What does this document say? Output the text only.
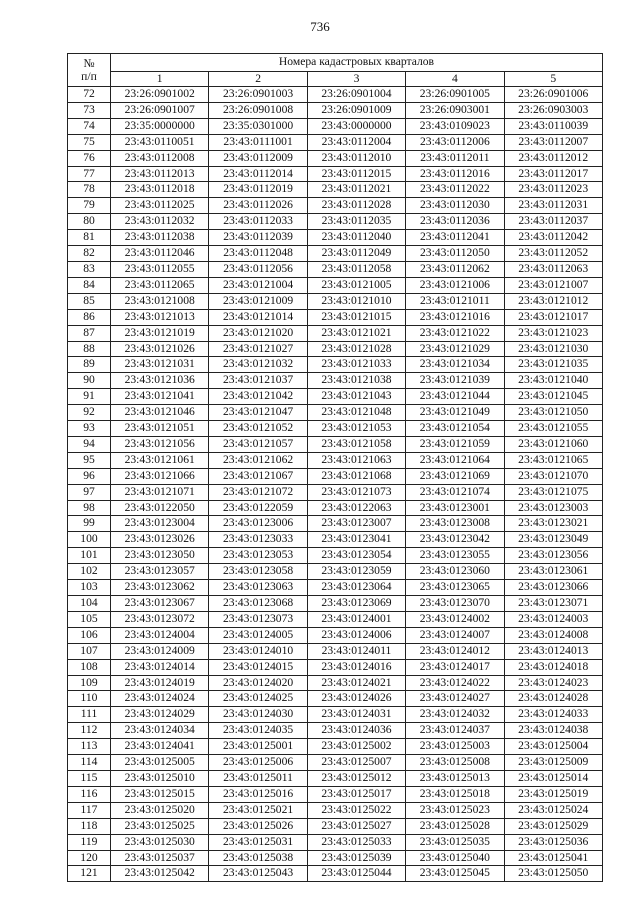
736
№
п/п	Номера кадастровых кварталов				
	1	2	3	4	5
72	23:26:0901002	23:26:0901003	23:26:0901004	23:26:0901005	23:26:0901006
73	23:26:0901007	23:26:0901008	23:26:0901009	23:26:0903001	23:26:0903003
74	23:35:0000000	23:35:0301000	23:43:0000000	23:43:0109023	23:43:0110039
75	23:43:0110051	23:43:0111001	23:43:0112004	23:43:0112006	23:43:0112007
76	23:43:0112008	23:43:0112009	23:43:0112010	23:43:0112011	23:43:0112012
77	23:43:0112013	23:43:0112014	23:43:0112015	23:43:0112016	23:43:0112017
78	23:43:0112018	23:43:0112019	23:43:0112021	23:43:0112022	23:43:0112023
79	23:43:0112025	23:43:0112026	23:43:0112028	23:43:0112030	23:43:0112031
80	23:43:0112032	23:43:0112033	23:43:0112035	23:43:0112036	23:43:0112037
81	23:43:0112038	23:43:0112039	23:43:0112040	23:43:0112041	23:43:0112042
82	23:43:0112046	23:43:0112048	23:43:0112049	23:43:0112050	23:43:0112052
83	23:43:0112055	23:43:0112056	23:43:0112058	23:43:0112062	23:43:0112063
84	23:43:0112065	23:43:0121004	23:43:0121005	23:43:0121006	23:43:0121007
85	23:43:0121008	23:43:0121009	23:43:0121010	23:43:0121011	23:43:0121012
86	23:43:0121013	23:43:0121014	23:43:0121015	23:43:0121016	23:43:0121017
87	23:43:0121019	23:43:0121020	23:43:0121021	23:43:0121022	23:43:0121023
88	23:43:0121026	23:43:0121027	23:43:0121028	23:43:0121029	23:43:0121030
89	23:43:0121031	23:43:0121032	23:43:0121033	23:43:0121034	23:43:0121035
90	23:43:0121036	23:43:0121037	23:43:0121038	23:43:0121039	23:43:0121040
91	23:43:0121041	23:43:0121042	23:43:0121043	23:43:0121044	23:43:0121045
92	23:43:0121046	23:43:0121047	23:43:0121048	23:43:0121049	23:43:0121050
93	23:43:0121051	23:43:0121052	23:43:0121053	23:43:0121054	23:43:0121055
94	23:43:0121056	23:43:0121057	23:43:0121058	23:43:0121059	23:43:0121060
95	23:43:0121061	23:43:0121062	23:43:0121063	23:43:0121064	23:43:0121065
96	23:43:0121066	23:43:0121067	23:43:0121068	23:43:0121069	23:43:0121070
97	23:43:0121071	23:43:0121072	23:43:0121073	23:43:0121074	23:43:0121075
98	23:43:0122050	23:43:0122059	23:43:0122063	23:43:0123001	23:43:0123003
99	23:43:0123004	23:43:0123006	23:43:0123007	23:43:0123008	23:43:0123021
100	23:43:0123026	23:43:0123033	23:43:0123041	23:43:0123042	23:43:0123049
101	23:43:0123050	23:43:0123053	23:43:0123054	23:43:0123055	23:43:0123056
102	23:43:0123057	23:43:0123058	23:43:0123059	23:43:0123060	23:43:0123061
103	23:43:0123062	23:43:0123063	23:43:0123064	23:43:0123065	23:43:0123066
104	23:43:0123067	23:43:0123068	23:43:0123069	23:43:0123070	23:43:0123071
105	23:43:0123072	23:43:0123073	23:43:0124001	23:43:0124002	23:43:0124003
106	23:43:0124004	23:43:0124005	23:43:0124006	23:43:0124007	23:43:0124008
107	23:43:0124009	23:43:0124010	23:43:0124011	23:43:0124012	23:43:0124013
108	23:43:0124014	23:43:0124015	23:43:0124016	23:43:0124017	23:43:0124018
109	23:43:0124019	23:43:0124020	23:43:0124021	23:43:0124022	23:43:0124023
110	23:43:0124024	23:43:0124025	23:43:0124026	23:43:0124027	23:43:0124028
111	23:43:0124029	23:43:0124030	23:43:0124031	23:43:0124032	23:43:0124033
112	23:43:0124034	23:43:0124035	23:43:0124036	23:43:0124037	23:43:0124038
113	23:43:0124041	23:43:0125001	23:43:0125002	23:43:0125003	23:43:0125004
114	23:43:0125005	23:43:0125006	23:43:0125007	23:43:0125008	23:43:0125009
115	23:43:0125010	23:43:0125011	23:43:0125012	23:43:0125013	23:43:0125014
116	23:43:0125015	23:43:0125016	23:43:0125017	23:43:0125018	23:43:0125019
117	23:43:0125020	23:43:0125021	23:43:0125022	23:43:0125023	23:43:0125024
118	23:43:0125025	23:43:0125026	23:43:0125027	23:43:0125028	23:43:0125029
119	23:43:0125030	23:43:0125031	23:43:0125033	23:43:0125035	23:43:0125036
120	23:43:0125037	23:43:0125038	23:43:0125039	23:43:0125040	23:43:0125041
121	23:43:0125042	23:43:0125043	23:43:0125044	23:43:0125045	23:43:0125050
